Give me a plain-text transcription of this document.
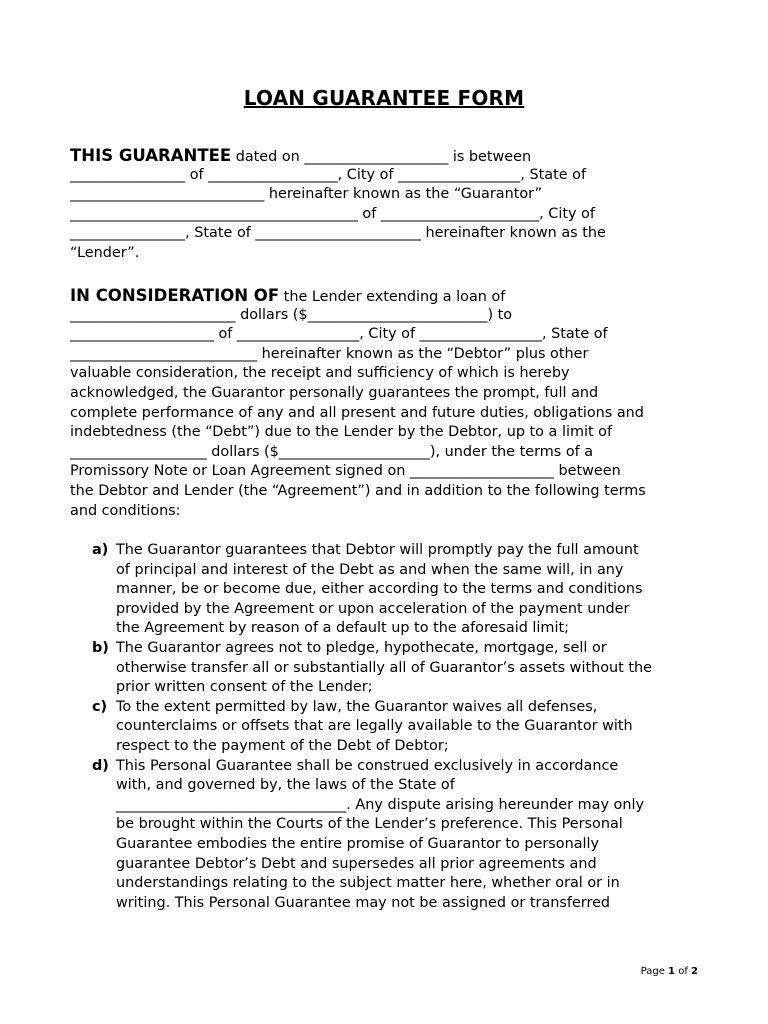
LOAN GUARANTEE FORM
THIS GUARANTEE dated on ____________________ is between
________________ of __________________, City of _________________, State of
___________________________ hereinafter known as the “Guarantor”
________________________________________ of ______________________, City of
________________, State of _______________________ hereinafter known as the
“Lender”.
IN CONSIDERATION OF the Lender extending a loan of
_______________________ dollars ($_________________________) to
____________________ of _________________, City of _________________, State of
__________________________ hereinafter known as the “Debtor” plus other
valuable consideration, the receipt and sufficiency of which is hereby
acknowledged, the Guarantor personally guarantees the prompt, full and
complete performance of any and all present and future duties, obligations and
indebtedness (the “Debt”) due to the Lender by the Debtor, up to a limit of
___________________ dollars ($_____________________), under the terms of a
Promissory Note or Loan Agreement signed on ____________________ between
the Debtor and Lender (the “Agreement”) and in addition to the following terms
and conditions:
a) The Guarantor guarantees that Debtor will promptly pay the full amount
of principal and interest of the Debt as and when the same will, in any
manner, be or become due, either according to the terms and conditions
provided by the Agreement or upon acceleration of the payment under
the Agreement by reason of a default up to the aforesaid limit;
b) The Guarantor agrees not to pledge, hypothecate, mortgage, sell or
otherwise transfer all or substantially all of Guarantor’s assets without the
prior written consent of the Lender;
c) To the extent permitted by law, the Guarantor waives all defenses,
counterclaims or offsets that are legally available to the Guarantor with
respect to the payment of the Debt of Debtor;
d) This Personal Guarantee shall be construed exclusively in accordance
with, and governed by, the laws of the State of
________________________________. Any dispute arising hereunder may only
be brought within the Courts of the Lender’s preference. This Personal
Guarantee embodies the entire promise of Guarantor to personally
guarantee Debtor’s Debt and supersedes all prior agreements and
understandings relating to the subject matter here, whether oral or in
writing. This Personal Guarantee may not be assigned or transferred
Page 1 of 2
